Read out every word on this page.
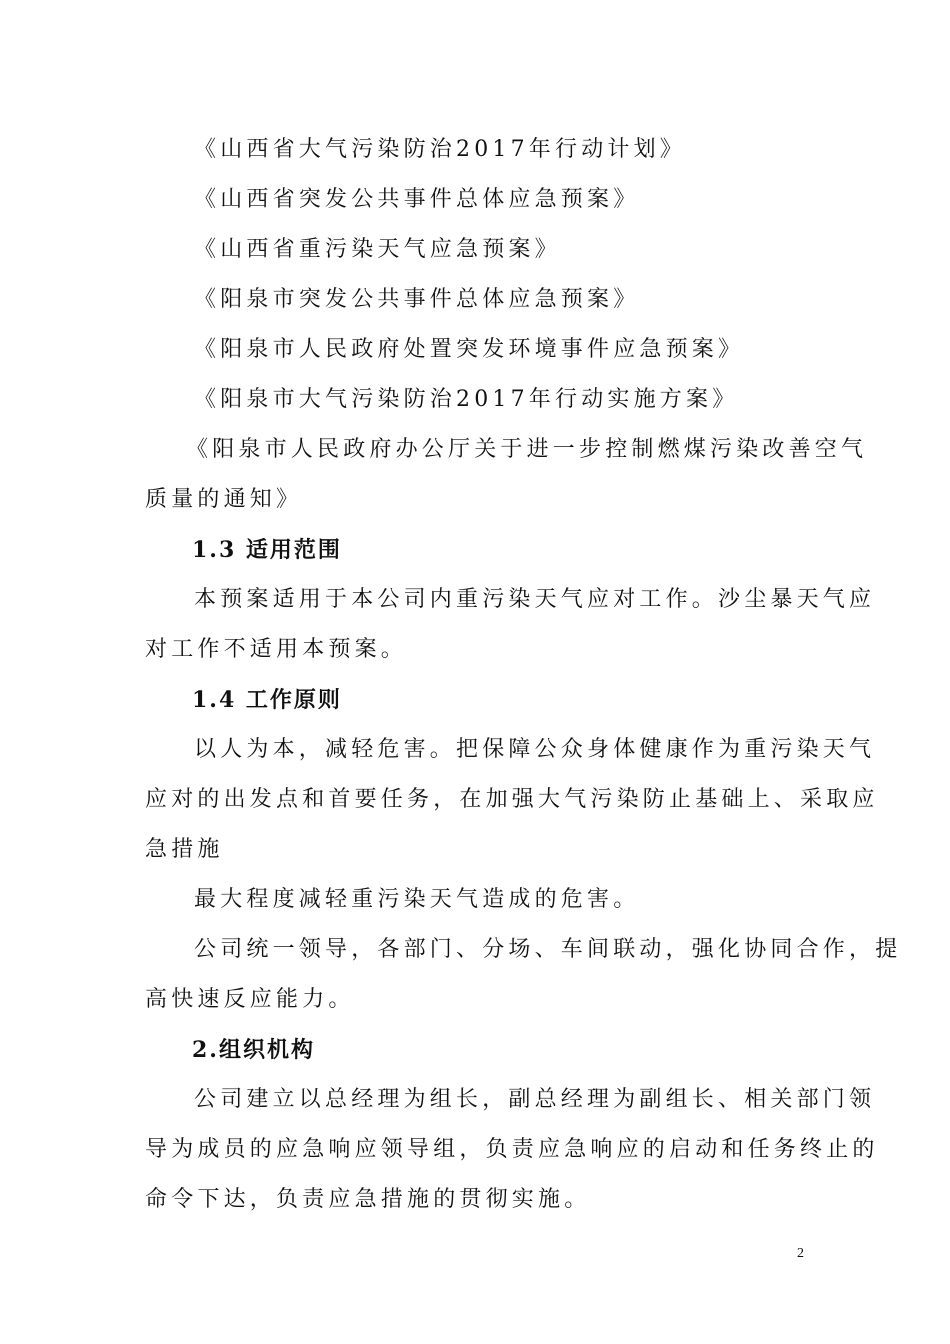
《山西省大气污染防治2017年行动计划》
《山西省突发公共事件总体应急预案》
《山西省重污染天气应急预案》
《阳泉市突发公共事件总体应急预案》
《阳泉市人民政府处置突发环境事件应急预案》
《阳泉市大气污染防治2017年行动实施方案》
《阳泉市人民政府办公厅关于进一步控制燃煤污染改善空气
质量的通知》
1.3 适用范围
本预案适用于本公司内重污染天气应对工作。沙尘暴天气应
对工作不适用本预案。
1.4 工作原则
以人为本，减轻危害。把保障公众身体健康作为重污染天气
应对的出发点和首要任务，在加强大气污染防止基础上、采取应
急措施
最大程度减轻重污染天气造成的危害。
公司统一领导，各部门、分场、车间联动，强化协同合作，提
高快速反应能力。
2.组织机构
公司建立以总经理为组长，副总经理为副组长、相关部门领
导为成员的应急响应领导组，负责应急响应的启动和任务终止的
命令下达，负责应急措施的贯彻实施。
2
